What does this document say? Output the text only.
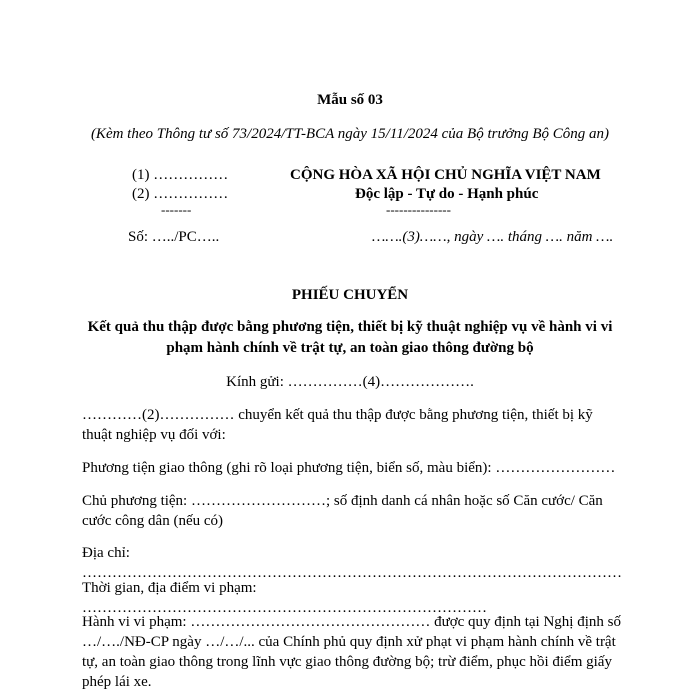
Mẫu số 03
(Kèm theo Thông tư số 73/2024/TT-BCA ngày 15/11/2024 của Bộ trưởng Bộ Công an)
(1) ……………
(2) ……………
-------
Số: …../PC…..
CỘNG HÒA XÃ HỘI CHỦ NGHĨA VIỆT NAM
Độc lập - Tự do - Hạnh phúc
---------------
…….(3)……, ngày …. tháng …. năm ….
PHIẾU CHUYỂN
Kết quả thu thập được bằng phương tiện, thiết bị kỹ thuật nghiệp vụ về hành vi vi
phạm hành chính về trật tự, an toàn giao thông đường bộ
Kính gửi: ……………(4)……………….
…………(2)…………… chuyển kết quả thu thập được bằng phương tiện, thiết bị kỹ thuật nghiệp vụ đối với:
Phương tiện giao thông (ghi rõ loại phương tiện, biển số, màu biển): ……………………
Chủ phương tiện: ………………………; số định danh cá nhân hoặc số Căn cước/ Căn cước công dân (nếu có)
Địa chỉ: ………………………………………………………………………………………………
Thời gian, địa điểm vi phạm: ………………………………………………………………………
Hành vi vi phạm: ………………………………………… được quy định tại Nghị định số …/…./NĐ-CP ngày …/…/... của Chính phủ quy định xử phạt vi phạm hành chính về trật tự, an toàn giao thông trong lĩnh vực giao thông đường bộ; trừ điểm, phục hồi điểm giấy phép lái xe.
